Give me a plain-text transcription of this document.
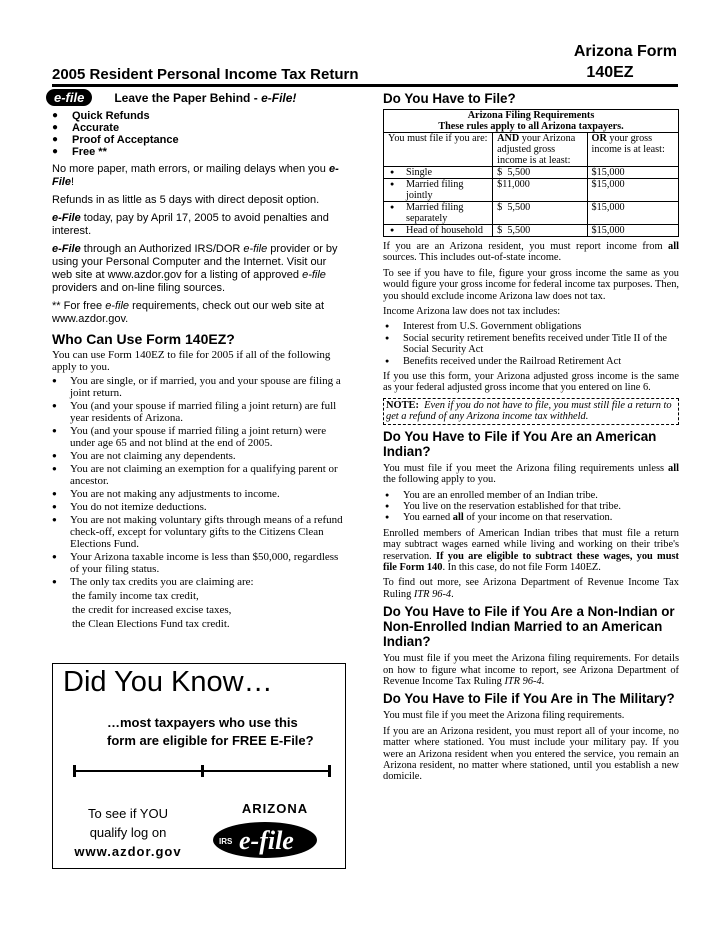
Arizona Form
140EZ
2005 Resident Personal Income Tax Return
e-file	Leave the Paper Behind - e-File!
● Quick Refunds
● Accurate
● Proof of Acceptance
● Free **

No more paper, math errors, or mailing delays when you e-File!

Refunds in as little as 5 days with direct deposit option.

e-File today, pay by April 17, 2005 to avoid penalties and interest.

e-File through an Authorized IRS/DOR e-file provider or by using your Personal Computer and the Internet. Visit our web site at www.azdor.gov for a listing of approved e-file providers and on-line filing sources.

** For free e-file requirements, check out our web site at www.azdor.gov.

Who Can Use Form 140EZ?

You can use Form 140EZ to file for 2005 if all of the following apply to you.

● You are single, or if married, you and your spouse are filing a joint return.
● You (and your spouse if married filing a joint return) are full year residents of Arizona.
● You (and your spouse if married filing a joint return) were under age 65 and not blind at the end of 2005.
● You are not claiming any dependents.
● You are not claiming an exemption for a qualifying parent or ancestor.
● You are not making any adjustments to income.
● You do not itemize deductions.
● You are not making voluntary gifts through means of a refund check-off, except for voluntary gifts to the Citizens Clean Elections Fund.
● Your Arizona taxable income is less than $50,000, regardless of your filing status.
● The only tax credits you are claiming are:
the family income tax credit,
the credit for increased excise taxes,
the Clean Elections Fund tax credit.
Did You Know…
…most taxpayers who use this form are eligible for FREE E-File?
To see if YOU
qualify log on
www.azdor.gov
ARIZONA
IRS e-file
Do You Have to File?
Arizona Filing Requirements
These rules apply to all Arizona taxpayers.		

You must file if you are:	AND your Arizona adjusted gross income is at least:	OR your gross income is at least:

● Single	$  5,500	$15,000

● Married filing jointly	$11,000	$15,000

● Married filing separately	$  5,500	$15,000

● Head of household	$  5,500	$15,000

If you are an Arizona resident, you must report income from all sources. This includes out-of-state income.

To see if you have to file, figure your gross income the same as you would figure your gross income for federal income tax purposes. Then, you should exclude income Arizona law does not tax.

Income Arizona law does not tax includes:

● Interest from U.S. Government obligations
● Social security retirement benefits received under Title II of the Social Security Act
● Benefits received under the Railroad Retirement Act

If you use this form, your Arizona adjusted gross income is the same as your federal adjusted gross income that you entered on line 6.

NOTE:  Even if you do not have to file, you must still file a return to get a refund of any Arizona income tax withheld.
Do You Have to File if You Are an American Indian?

You must file if you meet the Arizona filing requirements unless all the following apply to you.

● You are an enrolled member of an Indian tribe.
● You live on the reservation established for that tribe.
● You earned all of your income on that reservation.

Enrolled members of American Indian tribes that must file a return may subtract wages earned while living and working on their tribe's reservation. If you are eligible to subtract these wages, you must file Form 140. In this case, do not file Form 140EZ.

To find out more, see Arizona Department of Revenue Income Tax Ruling ITR 96-4.

Do You Have to File if You Are a Non-Indian or Non-Enrolled Indian Married to an American Indian?

You must file if you meet the Arizona filing requirements. For details on how to figure what income to report, see Arizona Department of Revenue Income Tax Ruling ITR 96-4.

Do You Have to File if You Are in The Military?

You must file if you meet the Arizona filing requirements.

If you are an Arizona resident, you must report all of your income, no matter where stationed. You must include your military pay. If you were an Arizona resident when you entered the service, you remain an Arizona resident, no matter where stationed, until you establish a new domicile.
